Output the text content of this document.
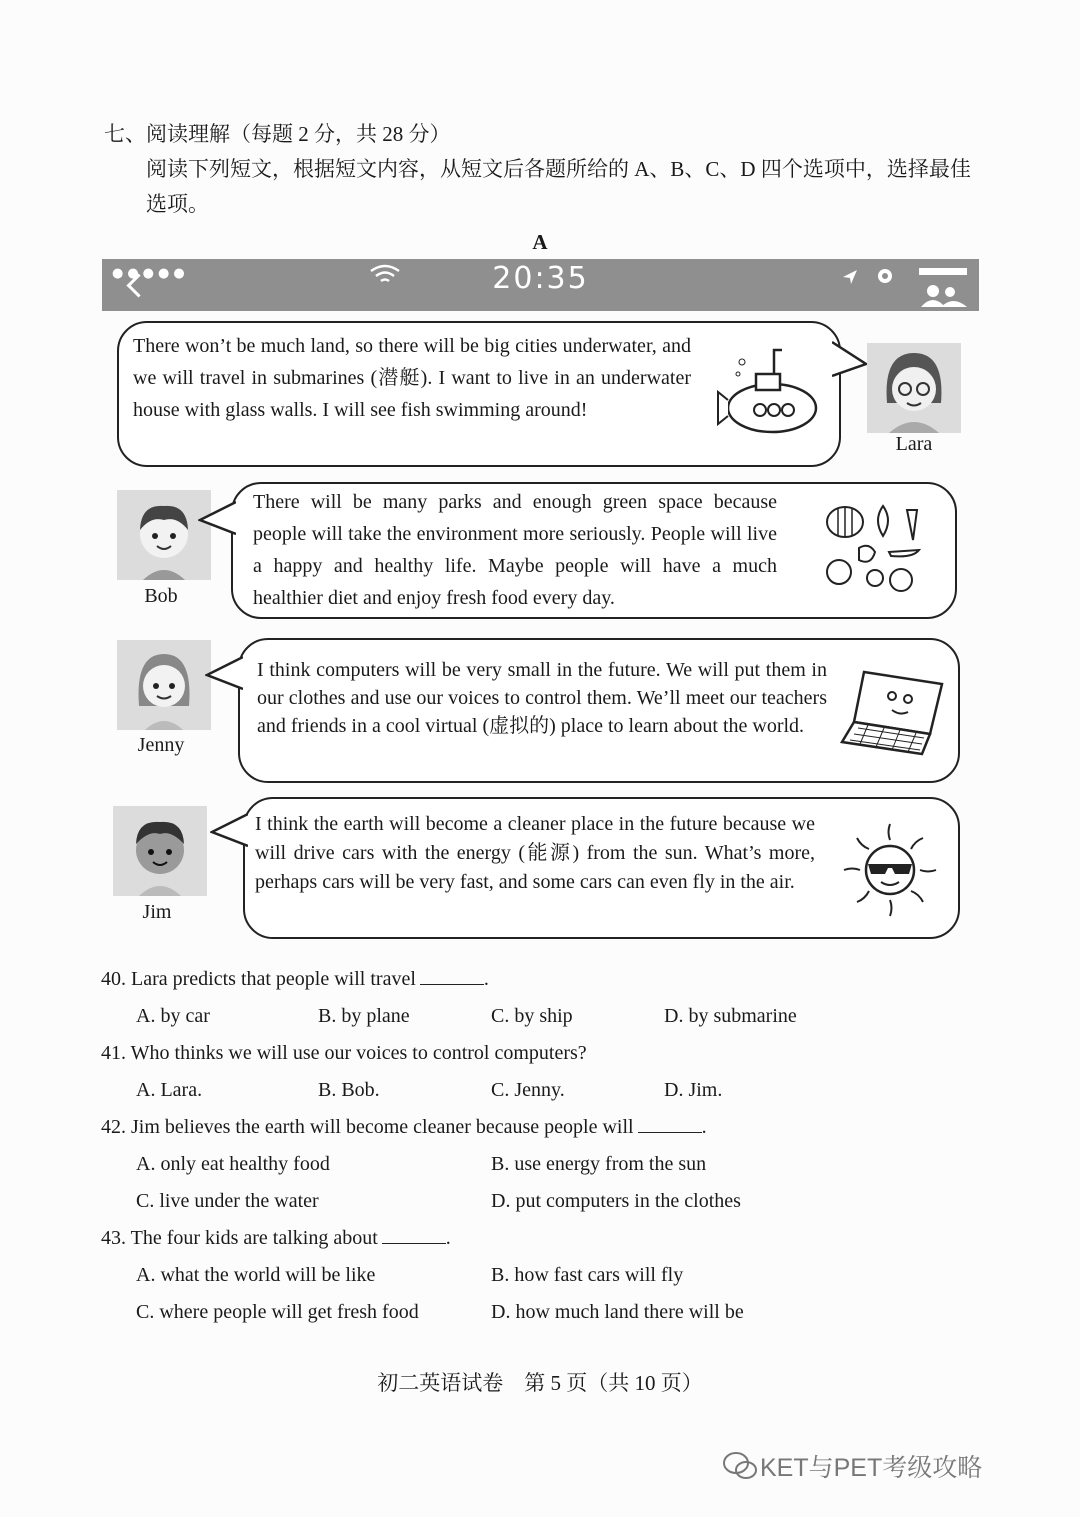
七、阅读理解（每题 2 分，共 28 分）
阅读下列短文，根据短文内容，从短文后各题所给的 A、B、C、D 四个选项中，选择最佳选项。
A
●●●●●	20:35
There won’t be much land, so there will be big cities underwater, and we will travel in submarines (潜艇). I want to live in an underwater house with glass walls. I will see fish swimming around!
Lara
Bob
There will be many parks and enough green space because people will take the environment more seriously. People will live a happy and healthy life. Maybe people will have a much healthier diet and enjoy fresh food every day.
Jenny
I think computers will be very small in the future. We will put them in our clothes and use our voices to control them. We’ll meet our teachers and friends in a cool virtual (虚拟的) place to learn about the world.
Jim
I think the earth will become a cleaner place in the future because we will drive cars with the energy (能源) from the sun. What’s more, perhaps cars will be very fast, and some cars can even fly in the air.
40. Lara predicts that people will travel	.
A. by car	B. by plane	C. by ship	D. by submarine
41. Who thinks we will use our voices to control computers?
A. Lara.	B. Bob.	C. Jenny.	D. Jim.
42. Jim believes the earth will become cleaner because people will	.
A. only eat healthy food	B. use energy from the sun
C. live under the water	D. put computers in the clothes
43. The four kids are talking about	.
A. what the world will be like	B. how fast cars will fly
C. where people will get fresh food	D. how much land there will be
初二英语试卷　第 5 页（共 10 页）
KET与PET考级攻略
